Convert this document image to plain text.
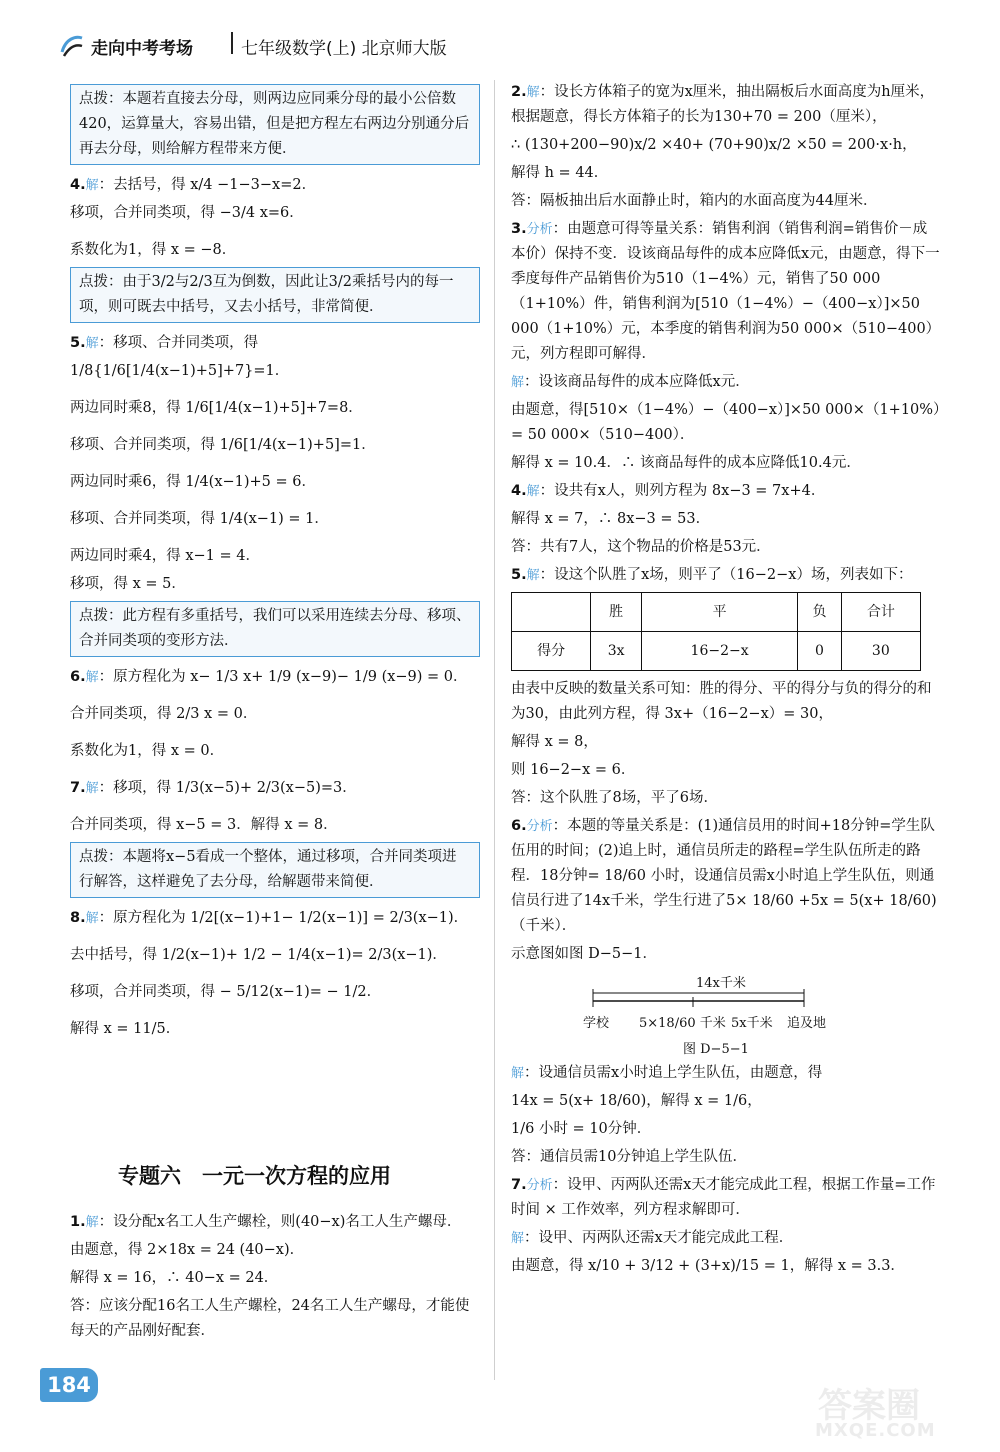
走向中考考场	七年级数学(上) 北京师大版
点拨：本题若直接去分母，则两边应同乘分母的最小公倍数420，运算量大，容易出错，但是把方程左右两边分别通分后再去分母，则给解方程带来方便．
4.解：去括号，得 x/4 −1−3−x=2．
移项，合并同类项，得 −3/4 x=6．
系数化为1，得 x = −8．
点拨：由于3/2与2/3互为倒数，因此让3/2乘括号内的每一项，则可既去中括号，又去小括号，非常简便．
5.解：移项、合并同类项，得
1/8{1/6[1/4(x−1)+5]+7}=1．
两边同时乘8，得 1/6[1/4(x−1)+5]+7=8．
移项、合并同类项，得 1/6[1/4(x−1)+5]=1．
两边同时乘6，得 1/4(x−1)+5 = 6．
移项、合并同类项，得 1/4(x−1) = 1．
两边同时乘4，得 x−1 = 4．
移项，得 x = 5．
点拨：此方程有多重括号，我们可以采用连续去分母、移项、合并同类项的变形方法．
6.解：原方程化为 x− 1/3 x+ 1/9 (x−9)− 1/9 (x−9) = 0．
合并同类项，得 2/3 x = 0．
系数化为1，得 x = 0．
7.解：移项，得 1/3(x−5)+ 2/3(x−5)=3．
合并同类项，得 x−5 = 3．解得 x = 8．
点拨：本题将x−5看成一个整体，通过移项，合并同类项进行解答，这样避免了去分母，给解题带来简便．
8.解：原方程化为 1/2[(x−1)+1− 1/2(x−1)] = 2/3(x−1)．
去中括号，得 1/2(x−1)+ 1/2 − 1/4(x−1)= 2/3(x−1)．
移项，合并同类项，得 − 5/12(x−1)= − 1/2．
解得 x = 11/5．
专题六　一元一次方程的应用
1.解：设分配x名工人生产螺栓，则(40−x)名工人生产螺母．
由题意，得 2×18x = 24 (40−x)．
解得 x = 16，∴ 40−x = 24．
答：应该分配16名工人生产螺栓，24名工人生产螺母，才能使每天的产品刚好配套．
2.解：设长方体箱子的宽为x厘米，抽出隔板后水面高度为h厘米，根据题意，得长方体箱子的长为130+70 = 200（厘米），
∴ (130+200−90)x/2 ×40+ (70+90)x/2 ×50 = 200·x·h，
解得 h = 44．
答：隔板抽出后水面静止时，箱内的水面高度为44厘米．
3.分析：由题意可得等量关系：销售利润（销售利润=销售价－成本价）保持不变．设该商品每件的成本应降低x元，由题意，得下一季度每件产品销售价为510（1−4%）元，销售了50 000（1+10%）件，销售利润为[510（1−4%）−（400−x）]×50 000（1+10%）元，本季度的销售利润为50 000×（510−400）元，列方程即可解得．
解：设该商品每件的成本应降低x元．
由题意，得[510×（1−4%）−（400−x）]×50 000×（1+10%）= 50 000×（510−400）．
解得 x = 10.4．∴ 该商品每件的成本应降低10.4元．
4.解：设共有x人，则列方程为 8x−3 = 7x+4．
解得 x = 7，∴ 8x−3 = 53．
答：共有7人，这个物品的价格是53元．
5.解：设这个队胜了x场，则平了（16−2−x）场，列表如下：
	胜	平	负	合计
得分	3x	16−2−x	0	30
由表中反映的数量关系可知：胜的得分、平的得分与负的得分的和为30，由此列方程，得 3x+（16−2−x）= 30，
解得 x = 8，
则 16−2−x = 6．
答：这个队胜了8场，平了6场．
6.分析：本题的等量关系是：(1)通信员用的时间+18分钟=学生队伍用的时间；(2)追上时，通信员所走的路程=学生队伍所走的路程．18分钟= 18/60 小时，设通信员需x小时追上学生队伍，则通信员行进了14x千米，学生行进了5× 18/60 +5x = 5(x+ 18/60)（千米）．
示意图如图 D−5−1．
14x千米
学校 5×18/60 千米 5x千米 追及地
图 D−5−1
解：设通信员需x小时追上学生队伍，由题意，得
14x = 5(x+ 18/60)，解得 x = 1/6，
1/6 小时 = 10分钟．
答：通信员需10分钟追上学生队伍．
7.分析：设甲、丙两队还需x天才能完成此工程，根据工作量=工作时间 × 工作效率，列方程求解即可．
解：设甲、丙两队还需x天才能完成此工程．
由题意，得 x/10 + 3/12 + (3+x)/15 = 1，解得 x = 3.3．
184
答案圈
MXQE.COM
